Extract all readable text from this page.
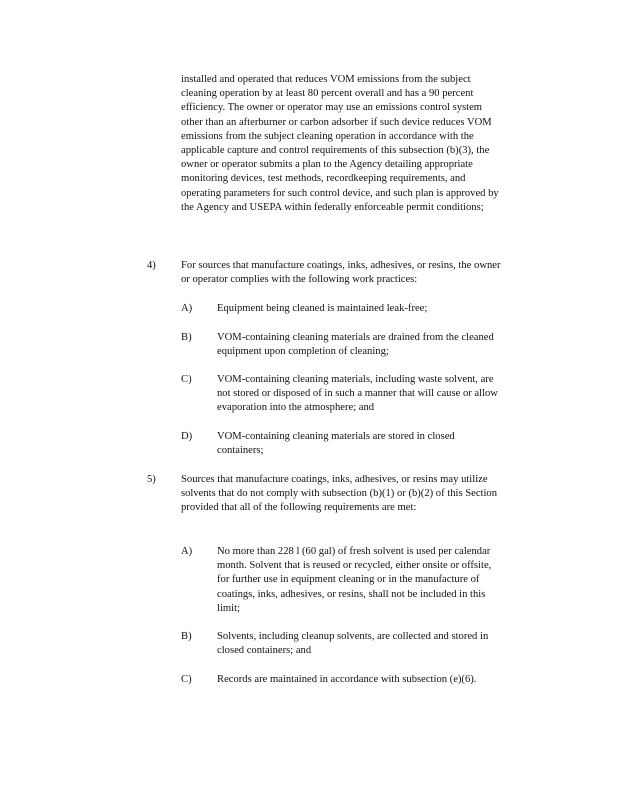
installed and operated that reduces VOM emissions from the subject cleaning operation by at least 80 percent overall and has a 90 percent efficiency. The owner or operator may use an emissions control system other than an afterburner or carbon adsorber if such device reduces VOM emissions from the subject cleaning operation in accordance with the applicable capture and control requirements of this subsection (b)(3), the owner or operator submits a plan to the Agency detailing appropriate monitoring devices, test methods, recordkeeping requirements, and operating parameters for such control device, and such plan is approved by the Agency and USEPA within federally enforceable permit conditions;

4) For sources that manufacture coatings, inks, adhesives, or resins, the owner or operator complies with the following work practices:

A) Equipment being cleaned is maintained leak-free;

B) VOM-containing cleaning materials are drained from the cleaned equipment upon completion of cleaning;

C) VOM-containing cleaning materials, including waste solvent, are not stored or disposed of in such a manner that will cause or allow evaporation into the atmosphere; and

D) VOM-containing cleaning materials are stored in closed containers;

5) Sources that manufacture coatings, inks, adhesives, or resins may utilize solvents that do not comply with subsection (b)(1) or (b)(2) of this Section provided that all of the following requirements are met:

A) No more than 228 l (60 gal) of fresh solvent is used per calendar month. Solvent that is reused or recycled, either onsite or offsite, for further use in equipment cleaning or in the manufacture of coatings, inks, adhesives, or resins, shall not be included in this limit;

B) Solvents, including cleanup solvents, are collected and stored in closed containers; and

C) Records are maintained in accordance with subsection (e)(6).
